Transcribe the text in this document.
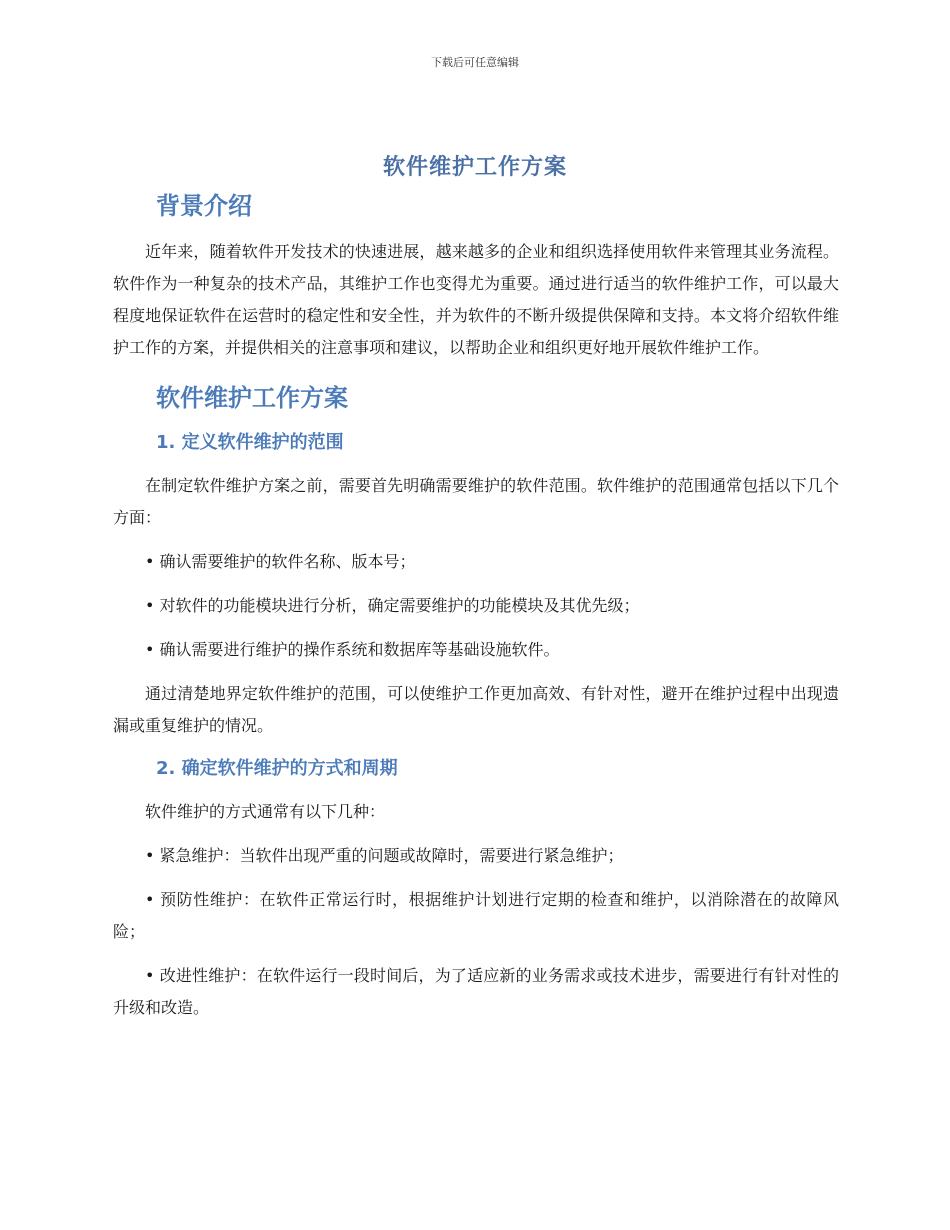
下载后可任意编辑
软件维护工作方案
背景介绍

近年来，随着软件开发技术的快速进展，越来越多的企业和组织选择使用软件来管理其业务流程。软件作为一种复杂的技术产品，其维护工作也变得尤为重要。通过进行适当的软件维护工作，可以最大程度地保证软件在运营时的稳定性和安全性，并为软件的不断升级提供保障和支持。本文将介绍软件维护工作的方案，并提供相关的注意事项和建议，以帮助企业和组织更好地开展软件维护工作。

软件维护工作方案
1. 定义软件维护的范围

在制定软件维护方案之前，需要首先明确需要维护的软件范围。软件维护的范围通常包括以下几个方面：

• 确认需要维护的软件名称、版本号；

• 对软件的功能模块进行分析，确定需要维护的功能模块及其优先级；

• 确认需要进行维护的操作系统和数据库等基础设施软件。

通过清楚地界定软件维护的范围，可以使维护工作更加高效、有针对性，避开在维护过程中出现遗漏或重复维护的情况。

2. 确定软件维护的方式和周期

软件维护的方式通常有以下几种：

• 紧急维护：当软件出现严重的问题或故障时，需要进行紧急维护；

• 预防性维护：在软件正常运行时，根据维护计划进行定期的检查和维护，以消除潜在的故障风险；

• 改进性维护：在软件运行一段时间后，为了适应新的业务需求或技术进步，需要进行有针对性的升级和改造。
